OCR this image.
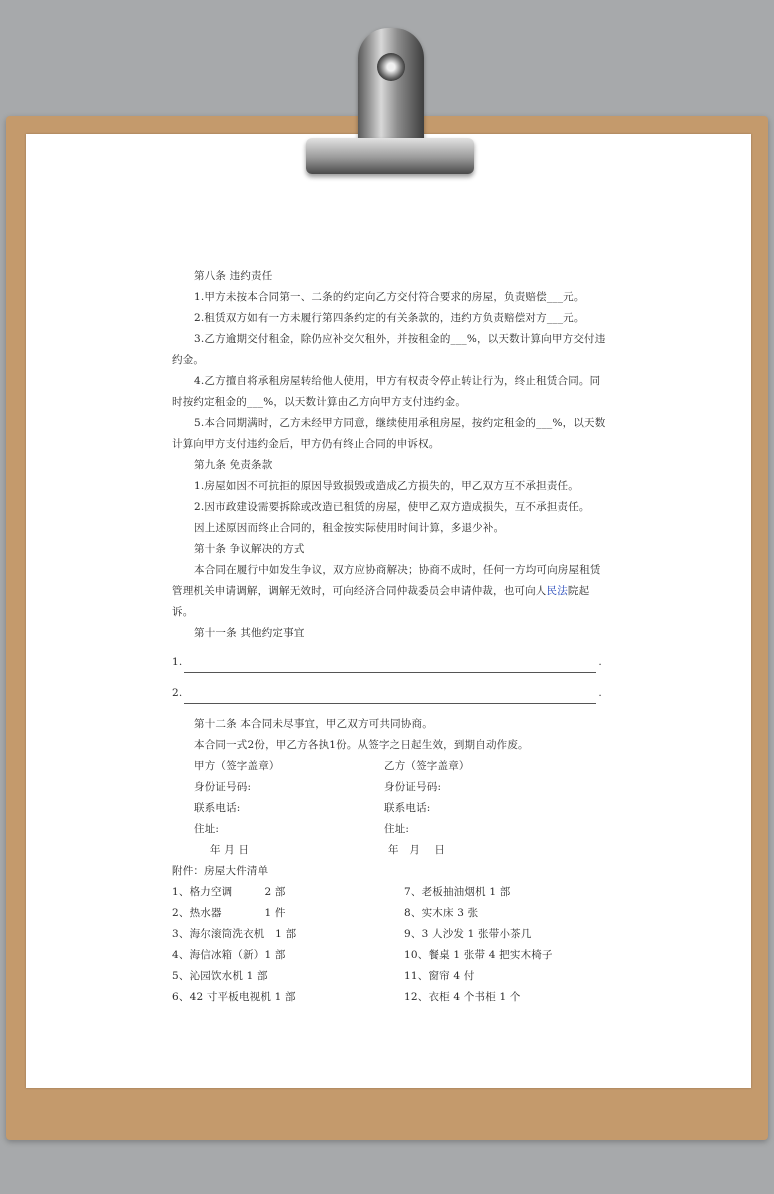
第八条 违约责任

1.甲方未按本合同第一、二条的约定向乙方交付符合要求的房屋，负责赔偿___元。

2.租赁双方如有一方未履行第四条约定的有关条款的，违约方负责赔偿对方___元。

3.乙方逾期交付租金，除仍应补交欠租外，并按租金的___%，以天数计算向甲方交付违约金。

4.乙方擅自将承租房屋转给他人使用，甲方有权责令停止转让行为，终止租赁合同。同时按约定租金的___%，以天数计算由乙方向甲方支付违约金。

5.本合同期满时，乙方未经甲方同意，继续使用承租房屋，按约定租金的___%，以天数计算向甲方支付违约金后，甲方仍有终止合同的申诉权。

第九条 免责条款

1.房屋如因不可抗拒的原因导致损毁或造成乙方损失的，甲乙双方互不承担责任。

2.因市政建设需要拆除或改造已租赁的房屋，使甲乙双方造成损失，互不承担责任。

因上述原因而终止合同的，租金按实际使用时间计算，多退少补。

第十条 争议解决的方式

本合同在履行中如发生争议，双方应协商解决；协商不成时，任何一方均可向房屋租赁管理机关申请调解，调解无效时，可向经济合同仲裁委员会申请仲裁，也可向人民法院起诉。

第十一条 其他约定事宜

1.	.
2.	.

第十二条 本合同未尽事宜，甲乙双方可共同协商。

本合同一式2份，甲乙方各执1份。从签字之日起生效，到期自动作废。

甲方（签字盖章）	乙方（签字盖章）
身份证号码:	身份证号码:
联系电话:	联系电话:
住址:	住址:
年 月 日	年　月　 日

附件：房屋大件清单

1、格力空调　　　2 部	7、老板抽油烟机 1 部
2、热水器　　　　1 件	8、实木床 3 张
3、海尔滚筒洗衣机　1 部	9、3 人沙发 1 张带小茶几
4、海信冰箱（新）1 部	10、餐桌 1 张带 4 把实木椅子
5、沁园饮水机 1 部	11、窗帘 4 付
6、42 寸平板电视机 1 部	12、衣柜 4 个书柜 1 个
